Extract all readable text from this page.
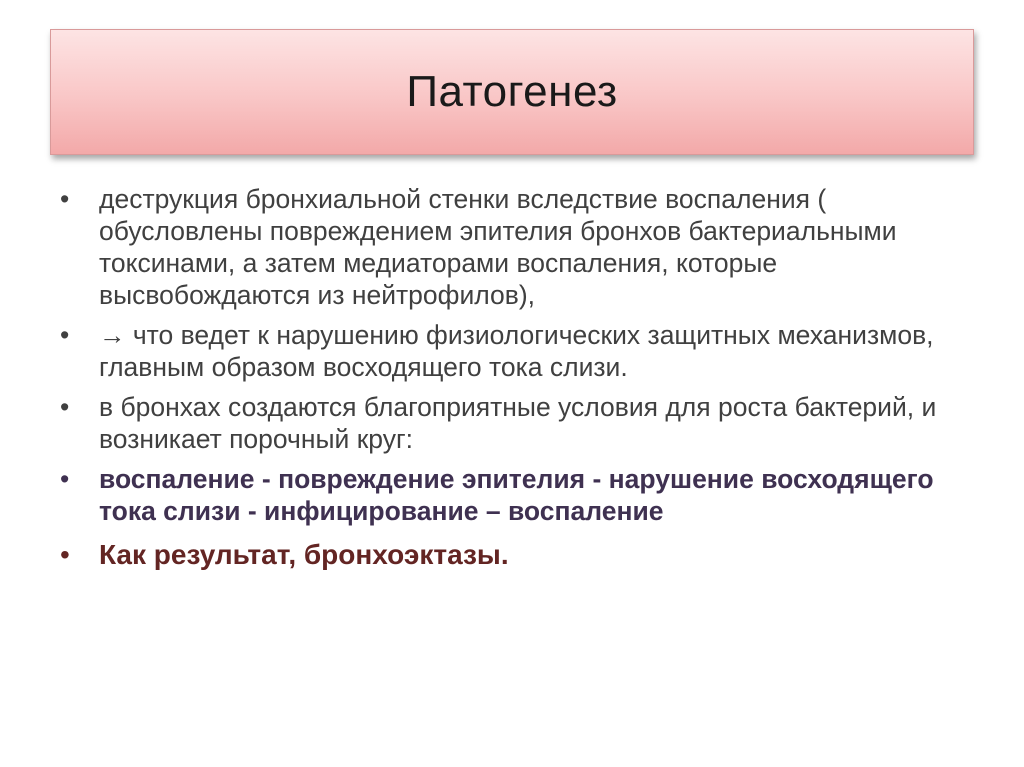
Патогенез
•	деструкция бронхиальной стенки вследствие воспаления ( обусловлены повреждением эпителия бронхов бактериальными токсинами, а затем медиаторами воспаления, которые высвобождаются из нейтрофилов),
•	→ что ведет к нарушению физиологических защитных механизмов, главным образом восходящего тока слизи.
•	в бронхах создаются благоприятные условия для роста бактерий, и возникает порочный круг:
•	воспаление - повреждение эпителия - нарушение восходящего тока слизи - инфицирование – воспаление
•	Как результат, бронхоэктазы.
